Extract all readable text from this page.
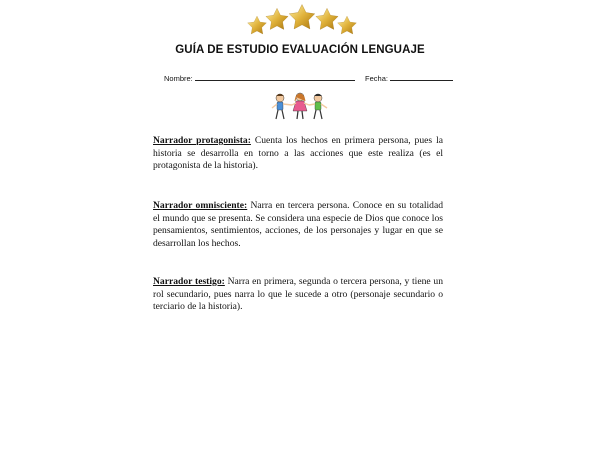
GUÍA DE ESTUDIO EVALUACIÓN LENGUAJE
Nombre:	Fecha:

Narrador protagonista: Cuenta los hechos en primera persona, pues la historia se desarrolla en torno a las acciones que este realiza (es el protagonista de la historia).

Narrador omnisciente: Narra en tercera persona. Conoce en su totalidad el mundo que se presenta. Se considera una especie de Dios que conoce los pensamientos, sentimientos, acciones, de los personajes y lugar en que se desarrollan los hechos.

Narrador testigo: Narra en primera, segunda o tercera persona, y tiene un rol secundario, pues narra lo que le sucede a otro (personaje secundario o terciario de la historia).
